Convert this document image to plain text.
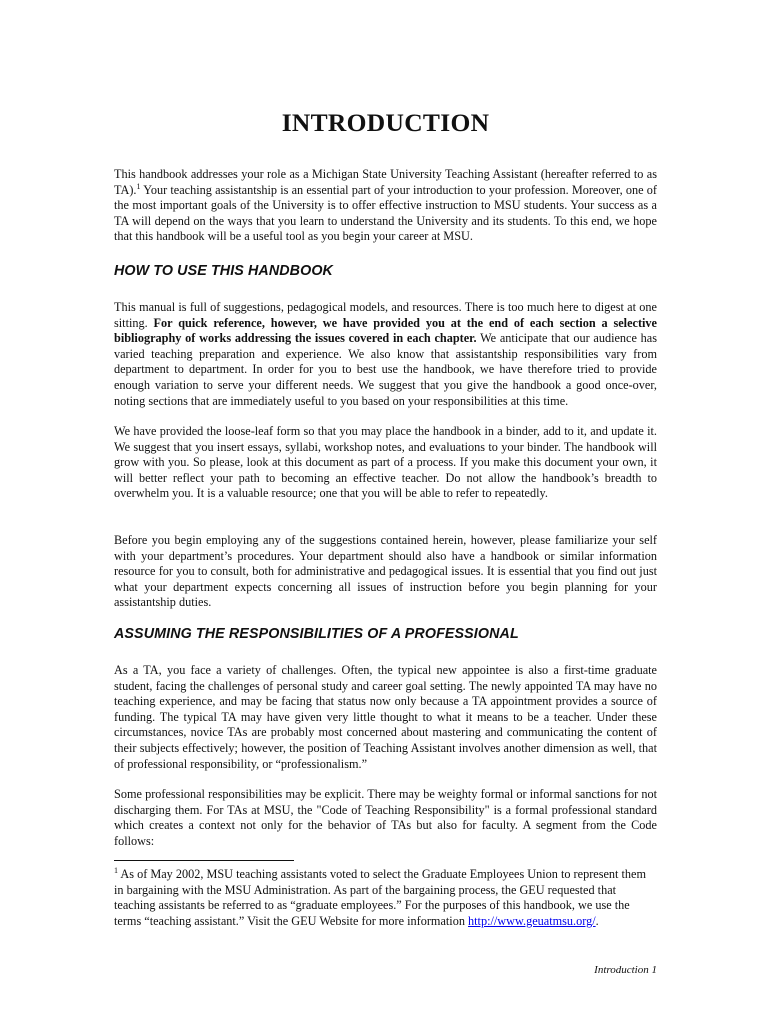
INTRODUCTION

This handbook addresses your role as a Michigan State University Teaching Assistant (hereafter referred to as TA).$^1$ Your teaching assistantship is an essential part of your introduction to your profession. Moreover, one of the most important goals of the University is to offer effective instruction to MSU students. Your success as a TA will depend on the ways that you learn to understand the University and its students. To this end, we hope that this handbook will be a useful tool as you begin your career at MSU.

HOW TO USE THIS HANDBOOK

This manual is full of suggestions, pedagogical models, and resources. There is too much here to digest at one sitting. For quick reference, however, we have provided you at the end of each section a selective bibliography of works addressing the issues covered in each chapter. We anticipate that our audience has varied teaching preparation and experience. We also know that assistantship responsibilities vary from department to department. In order for you to best use the handbook, we have therefore tried to provide enough variation to serve your different needs. We suggest that you give the handbook a good once-over, noting sections that are immediately useful to you based on your responsibilities at this time.

We have provided the loose-leaf form so that you may place the handbook in a binder, add to it, and update it. We suggest that you insert essays, syllabi, workshop notes, and evaluations to your binder. The handbook will grow with you. So please, look at this document as part of a process. If you make this document your own, it will better reflect your path to becoming an effective teacher. Do not allow the handbook’s breadth to overwhelm you. It is a valuable resource; one that you will be able to refer to repeatedly.

Before you begin employing any of the suggestions contained herein, however, please familiarize your self with your department’s procedures. Your department should also have a handbook or similar information resource for you to consult, both for administrative and pedagogical issues. It is essential that you find out just what your department expects concerning all issues of instruction before you begin planning for your assistantship duties.

ASSUMING THE RESPONSIBILITIES OF A PROFESSIONAL

As a TA, you face a variety of challenges. Often, the typical new appointee is also a first-time graduate student, facing the challenges of personal study and career goal setting. The newly appointed TA may have no teaching experience, and may be facing that status now only because a TA appointment provides a source of funding. The typical TA may have given very little thought to what it means to be a teacher. Under these circumstances, novice TAs are probably most concerned about mastering and communicating the content of their subjects effectively; however, the position of Teaching Assistant involves another dimension as well, that of professional responsibility, or “professionalism.”

Some professional responsibilities may be explicit. There may be weighty formal or informal sanctions for not discharging them. For TAs at MSU, the "Code of Teaching Responsibility" is a formal professional standard which creates a context not only for the behavior of TAs but also for faculty. A segment from the Code follows:

$^1$ As of May 2002, MSU teaching assistants voted to select the Graduate Employees Union to represent them in bargaining with the MSU Administration. As part of the bargaining process, the GEU requested that teaching assistants be referred to as “graduate employees.” For the purposes of this handbook, we use the terms “teaching assistant.” Visit the GEU Website for more information http://www.geuatmsu.org/.

Introduction 1
